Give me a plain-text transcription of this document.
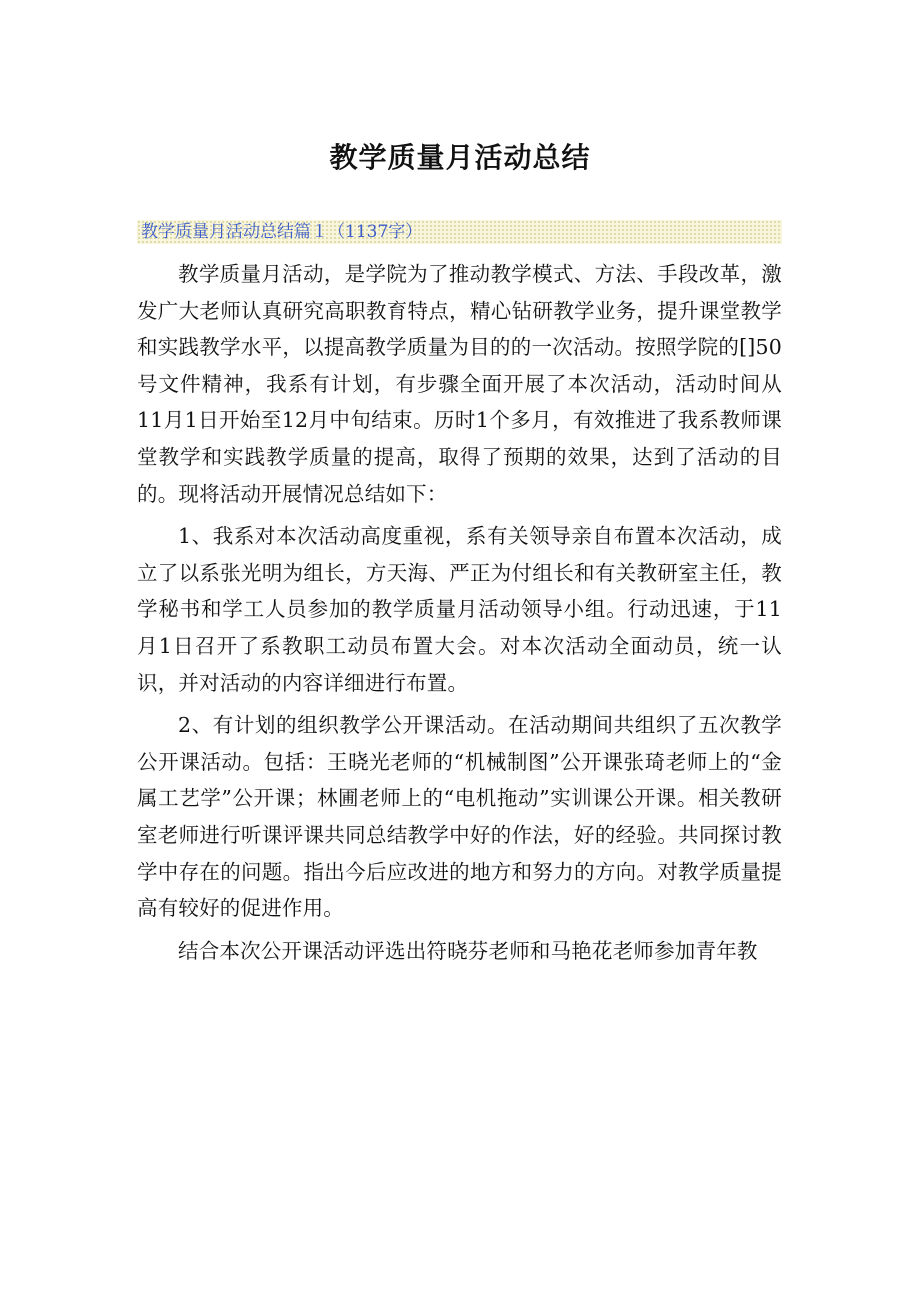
教学质量月活动总结
教学质量月活动总结篇１（1137字）

教学质量月活动，是学院为了推动教学模式、方法、手段改革，激发广大老师认真研究高职教育特点，精心钻研教学业务，提升课堂教学和实践教学水平，以提高教学质量为目的的一次活动。按照学院的[]50号文件精神，我系有计划，有步骤全面开展了本次活动，活动时间从11月1日开始至12月中旬结束。历时1个多月，有效推进了我系教师课堂教学和实践教学质量的提高，取得了预期的效果，达到了活动的目的。现将活动开展情况总结如下：

1、我系对本次活动高度重视，系有关领导亲自布置本次活动，成立了以系张光明为组长，方天海、严正为付组长和有关教研室主任，教学秘书和学工人员参加的教学质量月活动领导小组。行动迅速，于11月1日召开了系教职工动员布置大会。对本次活动全面动员，统一认识，并对活动的内容详细进行布置。

2、有计划的组织教学公开课活动。在活动期间共组织了五次教学公开课活动。包括：王晓光老师的“机械制图”公开课张琦老师上的“金属工艺学”公开课；林圃老师上的“电机拖动”实训课公开课。相关教研室老师进行听课评课共同总结教学中好的作法，好的经验。共同探讨教学中存在的问题。指出今后应改进的地方和努力的方向。对教学质量提高有较好的促进作用。

结合本次公开课活动评选出符晓芬老师和马艳花老师参加青年教
